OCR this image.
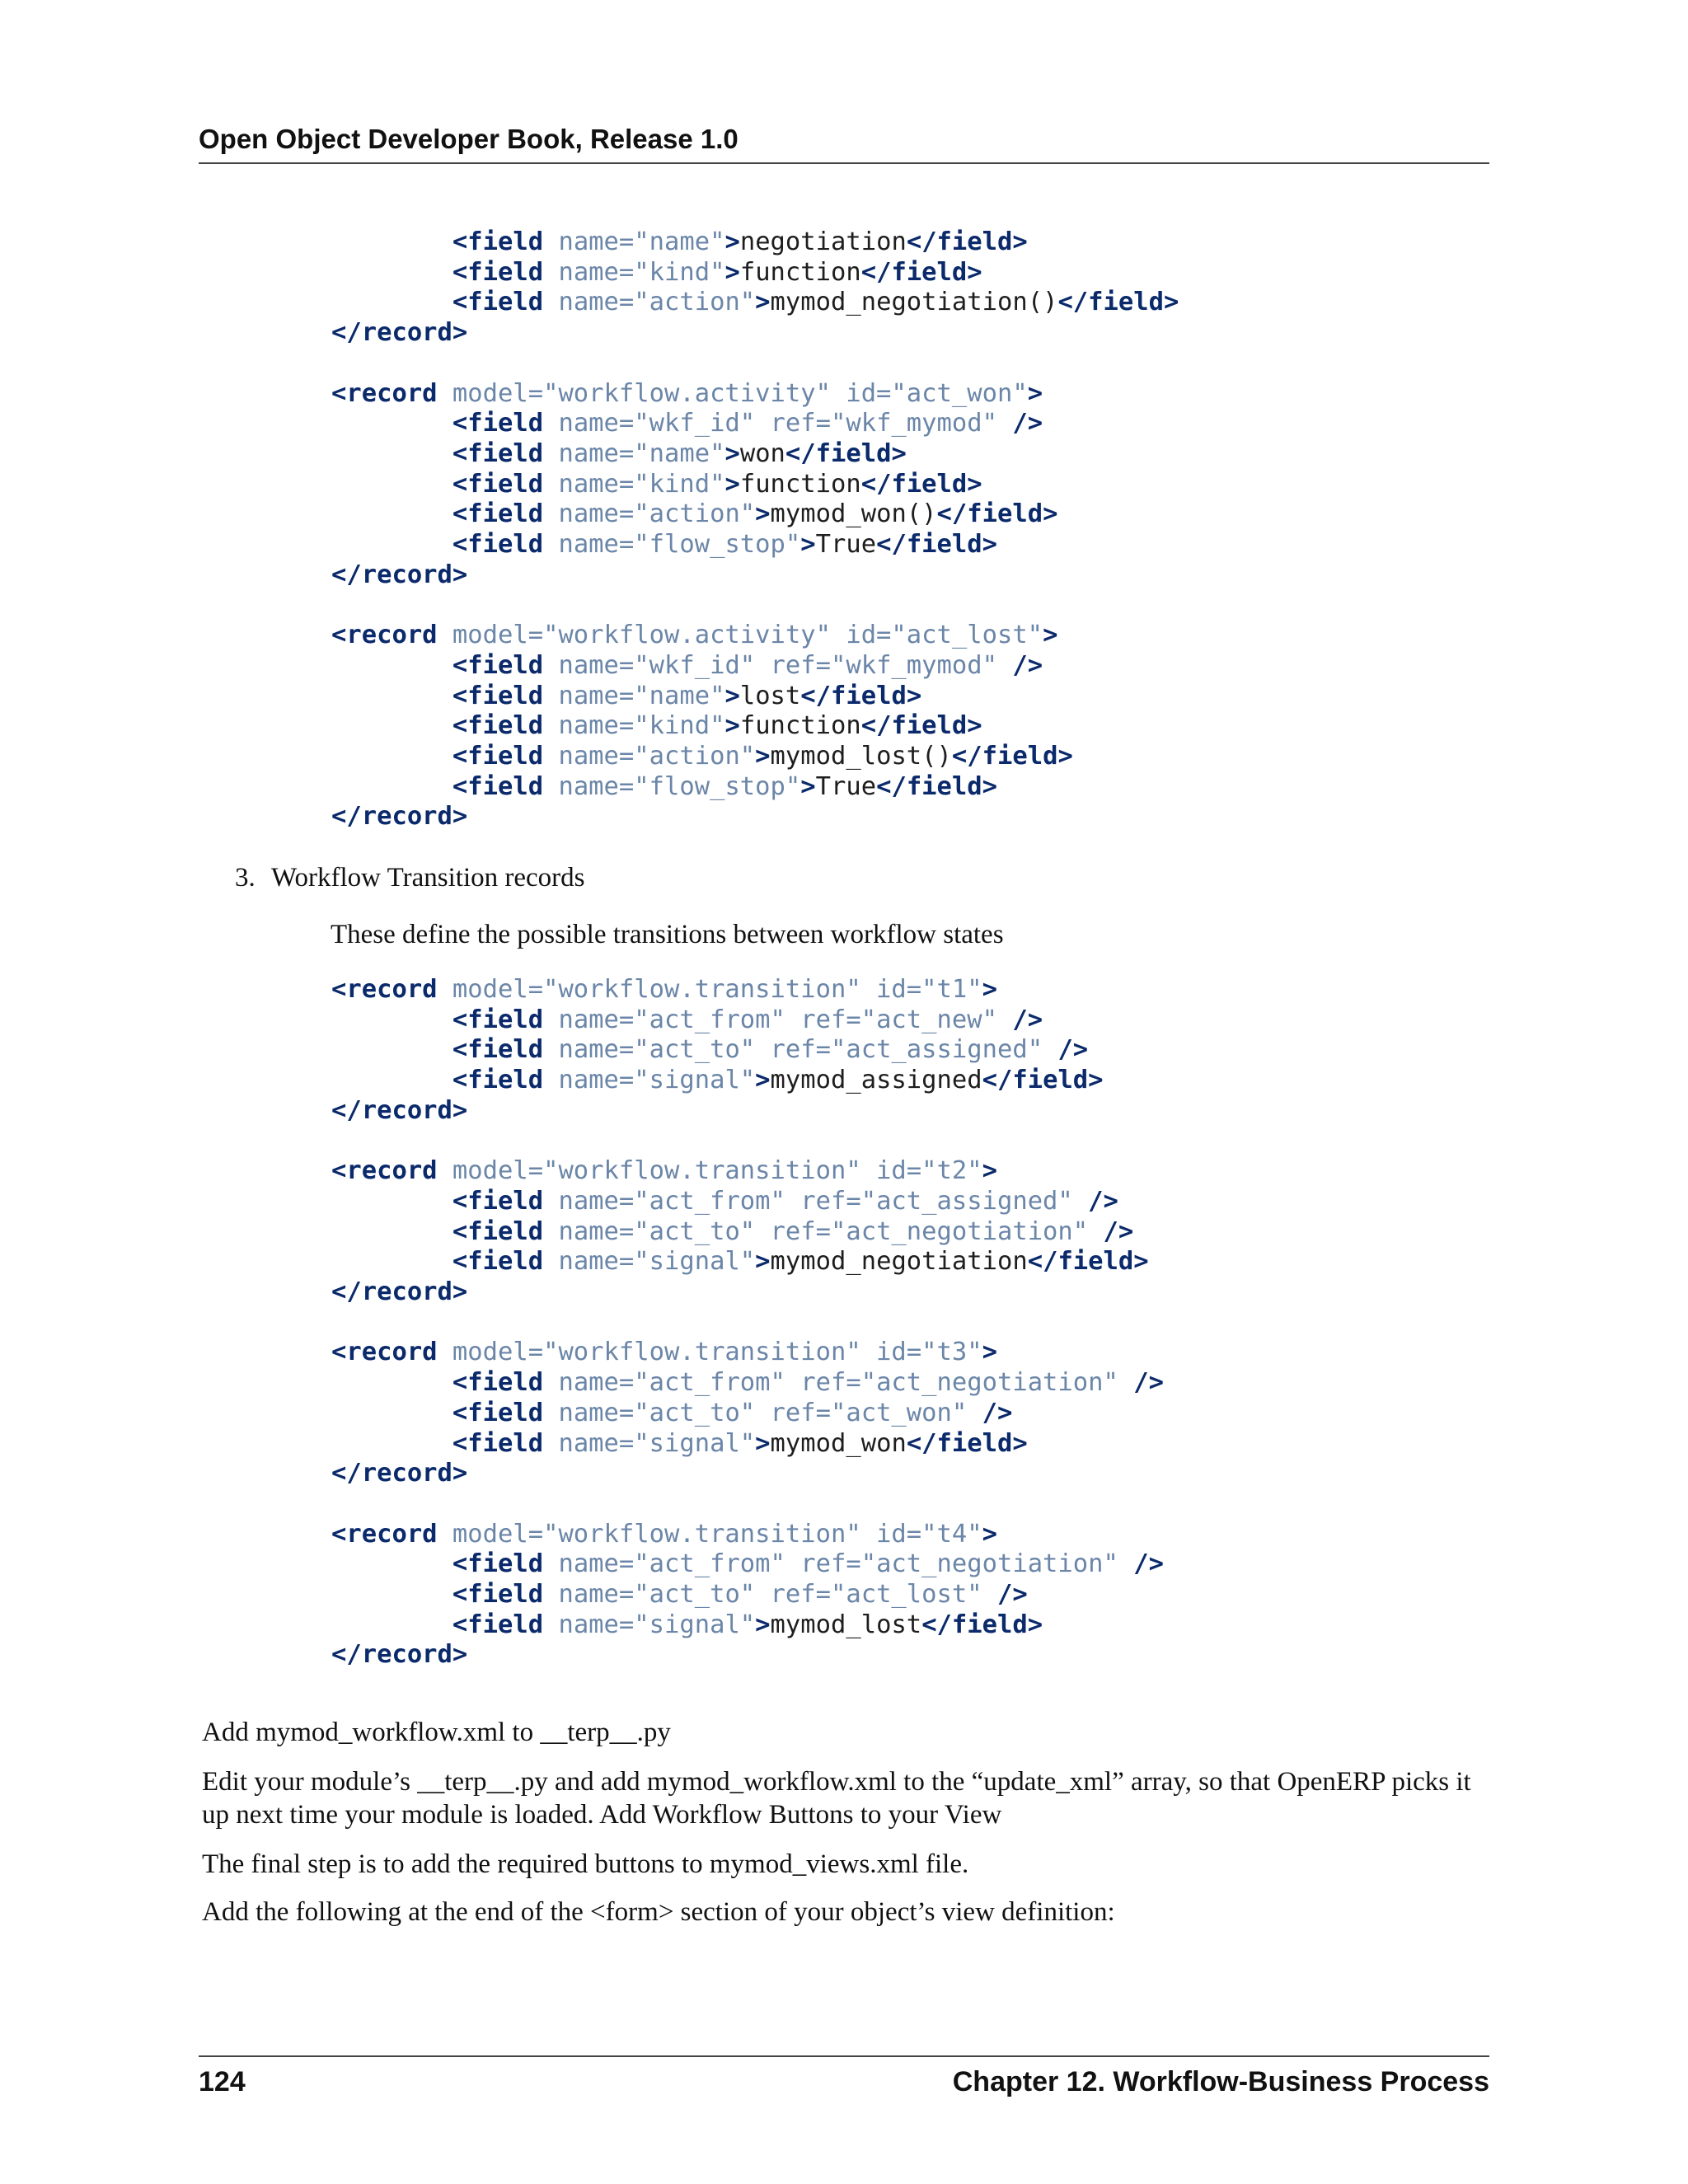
Open Object Developer Book, Release 1.0
<field name="name">negotiation</field>
<field name="kind">function</field>
<field name="action">mymod_negotiation()</field>
</record>

<record model="workflow.activity" id="act_won">
<field name="wkf_id" ref="wkf_mymod" />
<field name="name">won</field>
<field name="kind">function</field>
<field name="action">mymod_won()</field>
<field name="flow_stop">True</field>
</record>

<record model="workflow.activity" id="act_lost">
<field name="wkf_id" ref="wkf_mymod" />
<field name="name">lost</field>
<field name="kind">function</field>
<field name="action">mymod_lost()</field>
<field name="flow_stop">True</field>
</record>
3. Workflow Transition records
These define the possible transitions between workflow states
<record model="workflow.transition" id="t1">
<field name="act_from" ref="act_new" />
<field name="act_to" ref="act_assigned" />
<field name="signal">mymod_assigned</field>
</record>

<record model="workflow.transition" id="t2">
<field name="act_from" ref="act_assigned" />
<field name="act_to" ref="act_negotiation" />
<field name="signal">mymod_negotiation</field>
</record>

<record model="workflow.transition" id="t3">
<field name="act_from" ref="act_negotiation" />
<field name="act_to" ref="act_won" />
<field name="signal">mymod_won</field>
</record>

<record model="workflow.transition" id="t4">
<field name="act_from" ref="act_negotiation" />
<field name="act_to" ref="act_lost" />
<field name="signal">mymod_lost</field>
</record>
Add mymod_workflow.xml to __terp__.py
Edit your module’s __terp__.py and add mymod_workflow.xml to the “update_xml” array, so that OpenERP picks it up next time your module is loaded. Add Workflow Buttons to your View
The final step is to add the required buttons to mymod_views.xml file.
Add the following at the end of the <form> section of your object’s view definition:
124	Chapter 12. Workflow-Business Process
